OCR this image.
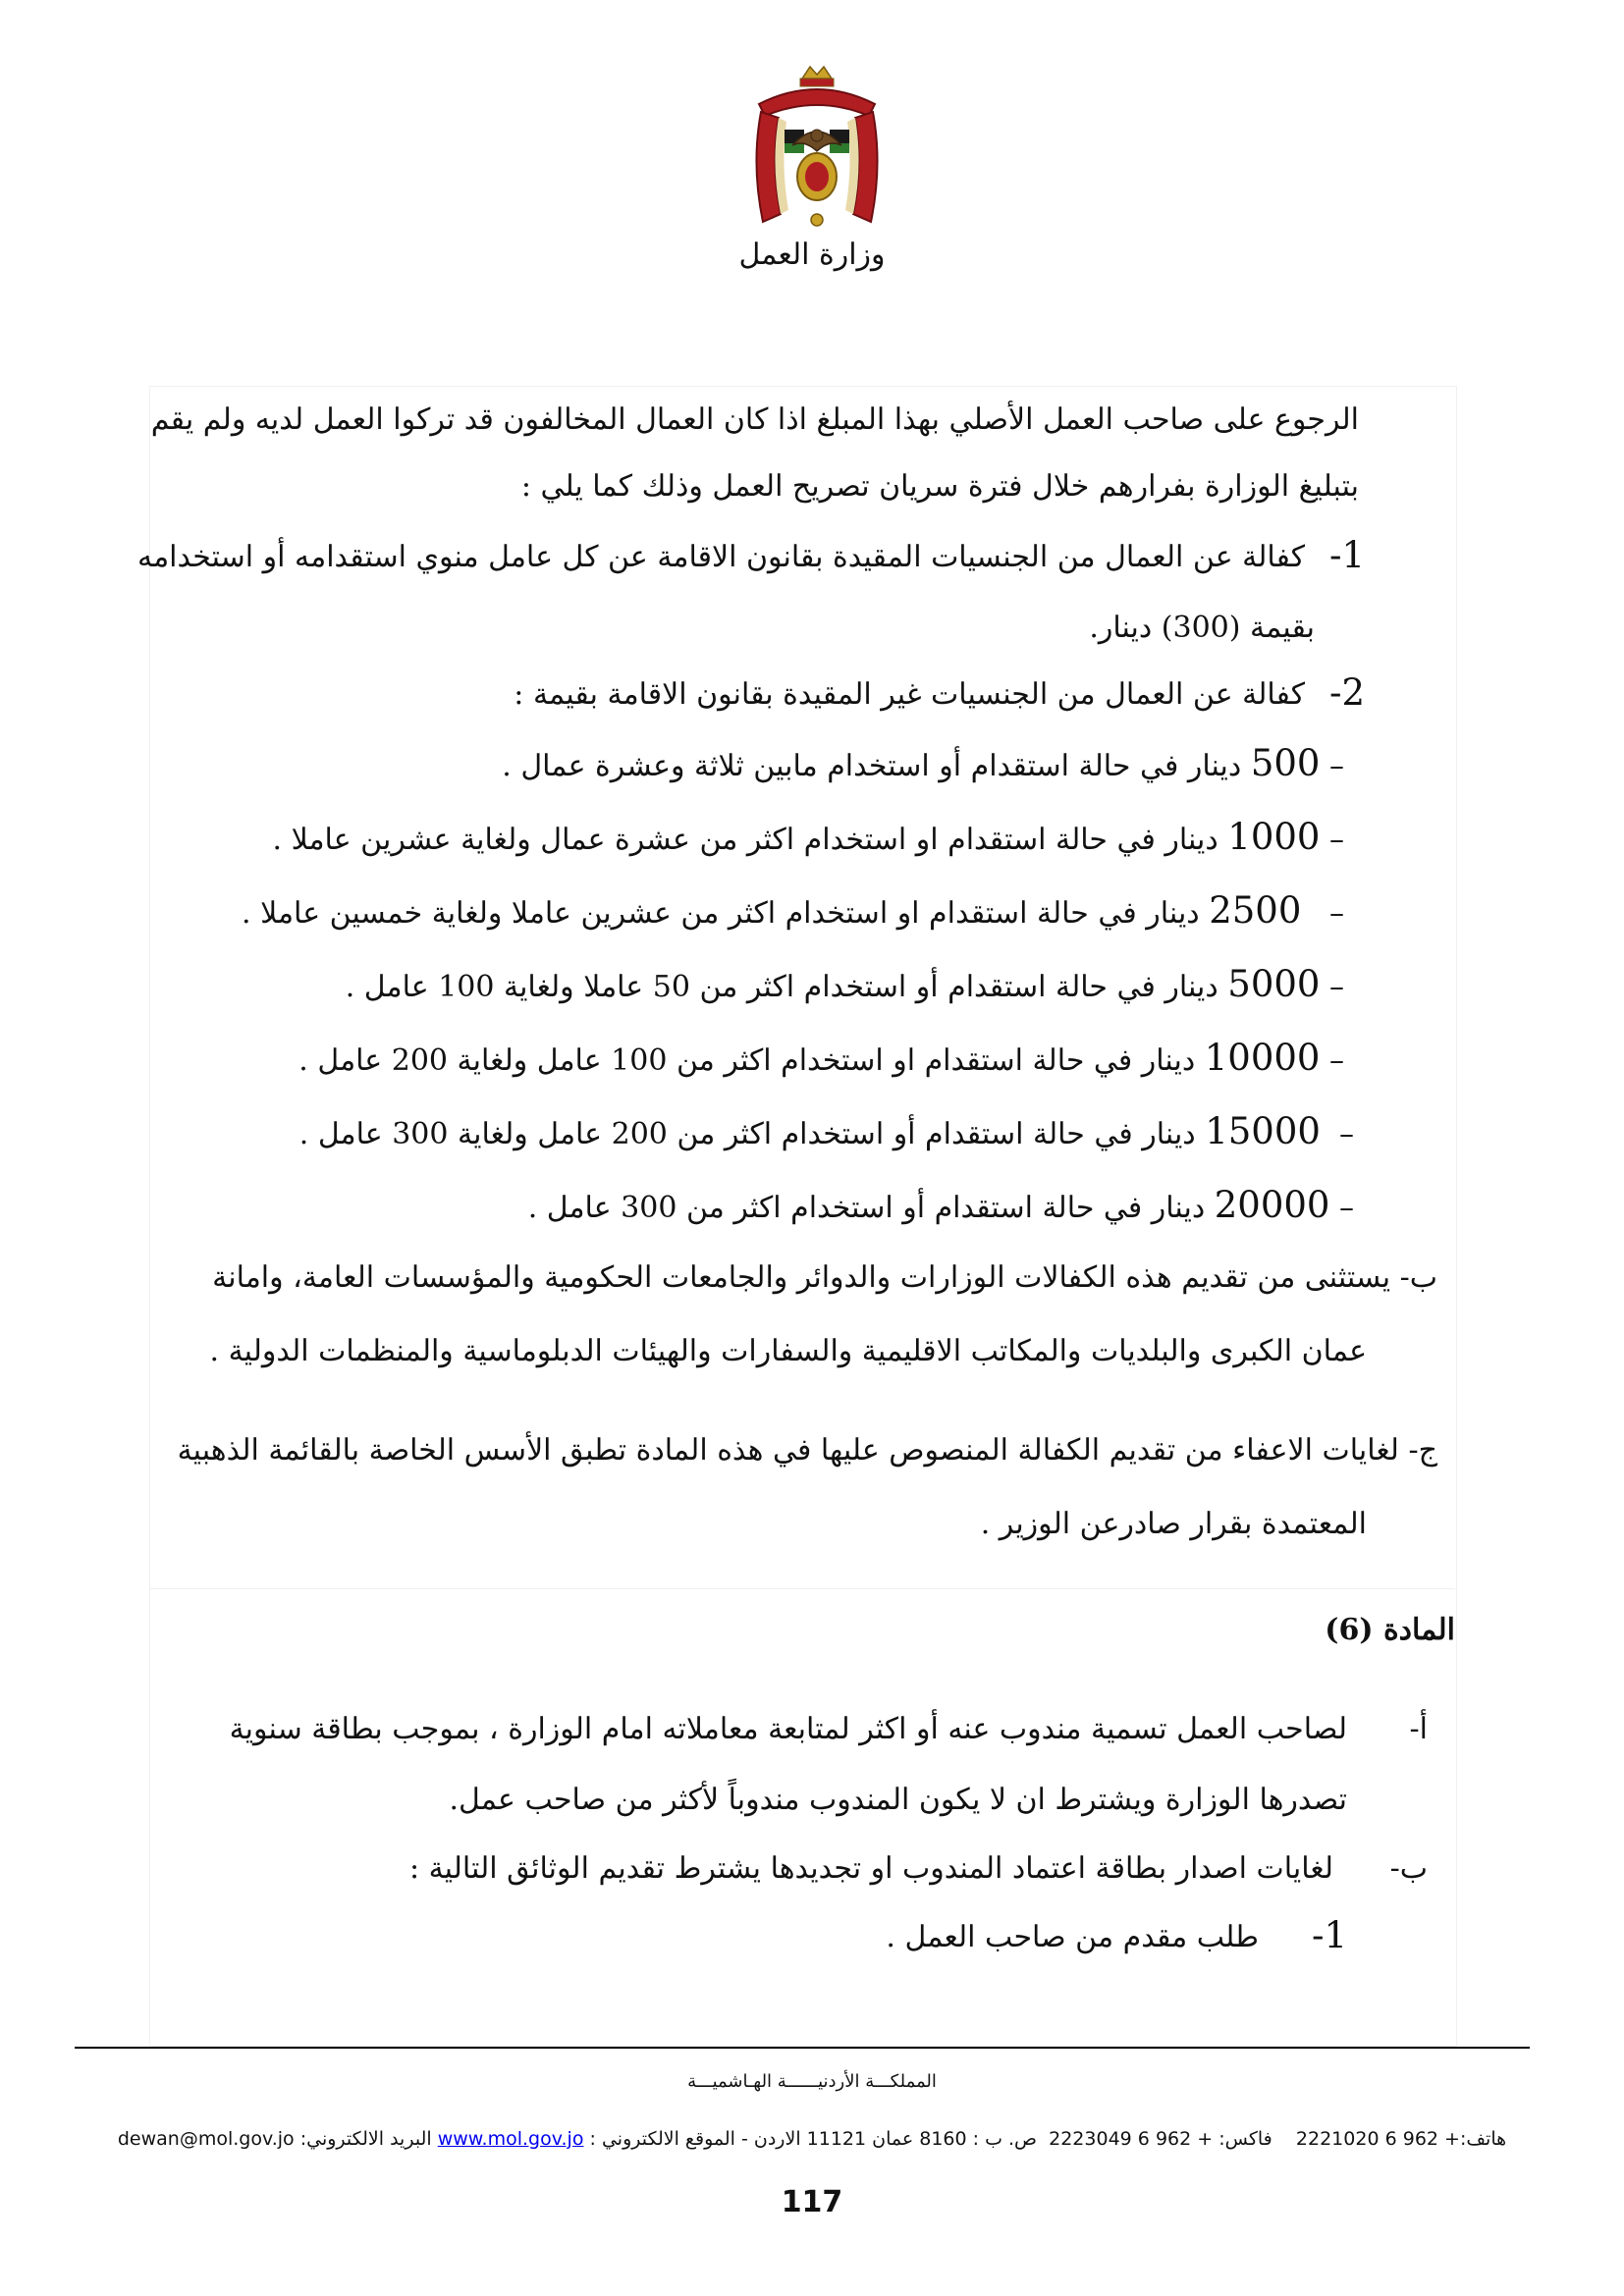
وزارة العمل
الرجوع على صاحب العمل الأصلي بهذا المبلغ اذا كان العمال المخالفون قد تركوا العمل لديه ولم يقم
بتبليغ الوزارة بفرارهم خلال فترة سريان تصريح العمل وذلك كما يلي :
1-
كفالة عن العمال من الجنسيات المقيدة بقانون الاقامة عن كل عامل منوي استقدامه أو استخدامه
بقيمة (300) دينار.
2-
كفالة عن العمال من الجنسيات غير المقيدة بقانون الاقامة بقيمة :
– 500 دينار في حالة استقدام أو استخدام مابين ثلاثة وعشرة عمال .
– 1000 دينار في حالة استقدام او استخدام اكثر من عشرة عمال ولغاية عشرين عاملا .
–   2500 دينار في حالة استقدام او استخدام اكثر من عشرين عاملا ولغاية خمسين عاملا .
– 5000 دينار في حالة استقدام أو استخدام اكثر من 50 عاملا ولغاية 100 عامل .
– 10000 دينار في حالة استقدام او استخدام اكثر من 100 عامل ولغاية 200 عامل .
–  15000 دينار في حالة استقدام أو استخدام اكثر من 200 عامل ولغاية 300 عامل .
– 20000 دينار في حالة استقدام أو استخدام اكثر من 300 عامل .
ب- يستثنى من تقديم هذه الكفالات الوزارات والدوائر والجامعات الحكومية والمؤسسات العامة، وامانة
عمان الكبرى والبلديات والمكاتب الاقليمية والسفارات والهيئات الدبلوماسية والمنظمات الدولية .
ج- لغايات الاعفاء من تقديم الكفالة المنصوص عليها في هذه المادة تطبق الأسس الخاصة بالقائمة الذهبية
المعتمدة بقرار صادرعن الوزير .
المادة (6)
أ-
لصاحب العمل تسمية مندوب عنه أو اكثر لمتابعة معاملاته امام الوزارة ، بموجب بطاقة سنوية
تصدرها الوزارة ويشترط ان لا يكون المندوب مندوباً لأكثر من صاحب عمل.
ب-
لغايات اصدار بطاقة اعتماد المندوب او تجديدها يشترط تقديم الوثائق التالية :
1-
طلب مقدم من صاحب العمل .
المملكـــة الأردنيــــــة الهـاشميـــة
هاتف:+ 962 6 2221020    فاكس: + 962 6 2223049  ص. ب : 8160 عمان 11121 الاردن - الموقع الالكتروني : www.mol.gov.jo البريد الالكتروني: dewan@mol.gov.jo
117
